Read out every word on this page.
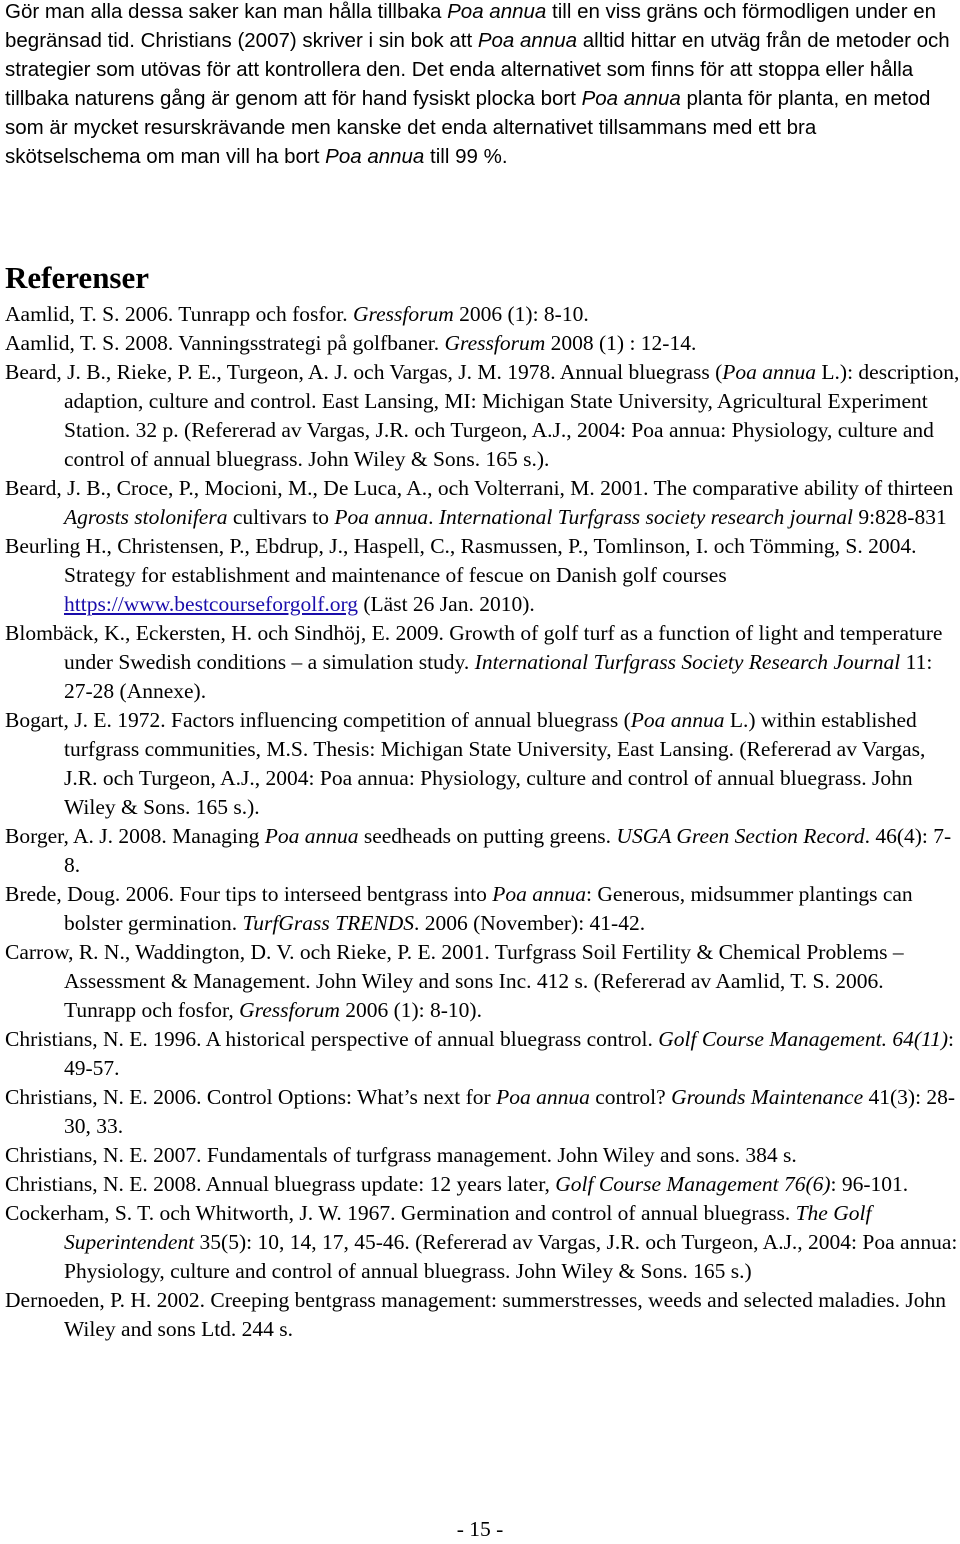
Gör man alla dessa saker kan man hålla tillbaka Poa annua till en viss gräns och förmodligen under en begränsad tid. Christians (2007) skriver i sin bok att Poa annua alltid hittar en utväg från de metoder och strategier som utövas för att kontrollera den. Det enda alternativet som finns för att stoppa eller hålla tillbaka naturens gång är genom att för hand fysiskt plocka bort Poa annua planta för planta, en metod som är mycket resurskrävande men kanske det enda alternativet tillsammans med ett bra skötselschema om man vill ha bort Poa annua till 99 %.

Referenser

Aamlid, T. S. 2006. Tunrapp och fosfor. Gressforum 2006 (1): 8-10.

Aamlid, T. S. 2008. Vanningsstrategi på golfbaner. Gressforum 2008 (1) : 12-14.

Beard, J. B., Rieke, P. E., Turgeon, A. J. och Vargas, J. M. 1978. Annual bluegrass (Poa annua L.): description, adaption, culture and control. East Lansing, MI: Michigan State University, Agricultural Experiment Station. 32 p. (Refererad av Vargas, J.R. och Turgeon, A.J., 2004: Poa annua: Physiology, culture and control of annual bluegrass. John Wiley & Sons. 165 s.).

Beard, J. B., Croce, P., Mocioni, M., De Luca, A., och Volterrani, M. 2001. The comparative ability of thirteen Agrosts stolonifera cultivars to Poa annua. International Turfgrass society research journal 9:828-831

Beurling H., Christensen, P., Ebdrup, J., Haspell, C., Rasmussen, P., Tomlinson, I. och Tömming, S. 2004. Strategy for establishment and maintenance of fescue on Danish golf courses https://www.bestcourseforgolf.org (Läst 26 Jan. 2010).

Blombäck, K., Eckersten, H. och Sindhöj, E. 2009. Growth of golf turf as a function of light and temperature under Swedish conditions – a simulation study. International Turfgrass Society Research Journal 11: 27-28 (Annexe).

Bogart, J. E. 1972. Factors influencing competition of annual bluegrass (Poa annua L.) within established turfgrass communities, M.S. Thesis: Michigan State University, East Lansing. (Refererad av Vargas, J.R. och Turgeon, A.J., 2004: Poa annua: Physiology, culture and control of annual bluegrass. John Wiley & Sons. 165 s.).

Borger, A. J. 2008. Managing Poa annua seedheads on putting greens. USGA Green Section Record. 46(4): 7-8.

Brede, Doug. 2006. Four tips to interseed bentgrass into Poa annua: Generous, midsummer plantings can bolster germination. TurfGrass TRENDS. 2006 (November): 41-42.

Carrow, R. N., Waddington, D. V. och Rieke, P. E. 2001. Turfgrass Soil Fertility & Chemical Problems – Assessment & Management. John Wiley and sons Inc. 412 s. (Refererad av Aamlid, T. S. 2006. Tunrapp och fosfor, Gressforum 2006 (1): 8-10).

Christians, N. E. 1996. A historical perspective of annual bluegrass control. Golf Course Management. 64(11): 49-57.

Christians, N. E. 2006. Control Options: What’s next for Poa annua control? Grounds Maintenance 41(3): 28-30, 33.

Christians, N. E. 2007. Fundamentals of turfgrass management. John Wiley and sons. 384 s.

Christians, N. E. 2008. Annual bluegrass update: 12 years later, Golf Course Management 76(6): 96-101.

Cockerham, S. T. och Whitworth, J. W. 1967. Germination and control of annual bluegrass. The Golf Superintendent 35(5): 10, 14, 17, 45-46. (Refererad av Vargas, J.R. och Turgeon, A.J., 2004: Poa annua: Physiology, culture and control of annual bluegrass. John Wiley & Sons. 165 s.)

Dernoeden, P. H. 2002. Creeping bentgrass management: summerstresses, weeds and selected maladies. John Wiley and sons Ltd. 244 s.

- 15 -
